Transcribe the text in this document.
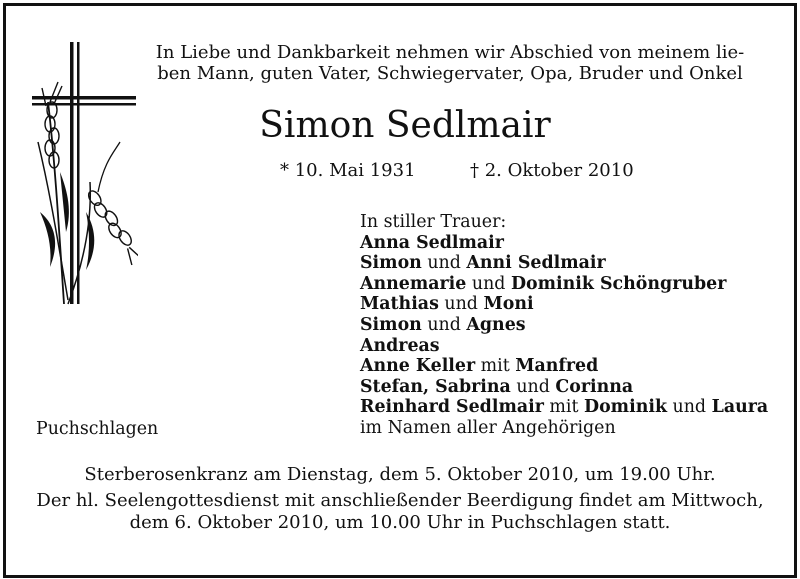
In Liebe und Dankbarkeit nehmen wir Abschied von meinem lie-
ben Mann, guten Vater, Schwiegervater, Opa, Bruder und Onkel
Simon Sedlmair
* 10. Mai 1931	† 2. Oktober 2010
In stiller Trauer:
Anna Sedlmair
Simon und Anni Sedlmair
Annemarie und Dominik Schöngruber
Mathias und Moni
Simon und Agnes
Andreas
Anne Keller mit Manfred
Stefan, Sabrina und Corinna
Reinhard Sedlmair mit Dominik und Laura
im Namen aller Angehörigen
Puchschlagen
Sterberosenkranz am Dienstag, dem 5. Oktober 2010, um 19.00 Uhr.
Der hl. Seelengottesdienst mit anschließender Beerdigung findet am Mittwoch,
dem 6. Oktober 2010, um 10.00 Uhr in Puchschlagen statt.
